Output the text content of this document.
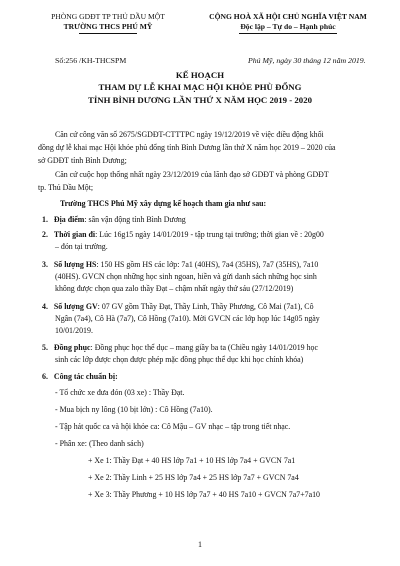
PHÒNG GDĐT TP THỦ DẦU MỘT
TRƯỜNG THCS PHÚ MỸ
CỘNG HOÀ XÃ HỘI CHỦ NGHĨA VIỆT NAM
Độc lập – Tự do – Hạnh phúc
Số:256 /KH-THCSPM	Phú Mỹ, ngày 30 tháng 12 năm 2019.
KẾ HOẠCH
THAM DỰ LỄ KHAI MẠC HỘI KHỎE PHÙ ĐỔNG
TỈNH BÌNH DƯƠNG LẦN THỨ X NĂM HỌC 2019 - 2020
Căn cứ công văn số 2675/SGDĐT-CTTTPC ngày 19/12/2019 về việc điều động khối
đồng dự lễ khai mạc Hội khỏe phủ đổng tỉnh Bình Dương lần thứ X năm học 2019 – 2020 của
sở GDĐT tỉnh Bình Dương;
Căn cứ cuộc họp thống nhất ngày 23/12/2019 của lãnh đạo sở GDĐT và phòng GDĐT
tp. Thủ Dầu Một;
Trường THCS Phú Mỹ xây dựng kế hoạch tham gia như sau:
1. Địa điểm: sân vận động tỉnh Bình Dương
2. Thời gian đi: Lúc 16g15 ngày 14/01/2019 - tập trung tại trường; thời gian về : 20g00
– đón tại trường.
3. Số lượng HS: 150 HS gồm HS các lớp: 7a1 (40HS), 7a4 (35HS), 7a7 (35HS), 7a10
(40HS). GVCN chọn những học sinh ngoan, hiền và gửi danh sách những học sinh
không được chọn qua zalo thầy Đạt – chậm nhất ngày thứ sáu (27/12/2019)
4. Số lượng GV: 07 GV gồm Thầy Đạt, Thầy Linh, Thầy Phương, Cô Mai (7a1), Cô
Ngân (7a4), Cô Hà (7a7), Cô Hồng (7a10). Mời GVCN các lớp họp lúc 14g05 ngày
10/01/2019.
5. Đồng phục: Đồng phục học thể dục – mang giầy ba ta (Chiều ngày 14/01/2019 học
sinh các lớp được chọn được phép mặc đồng phục thể dục khi học chính khóa)
6. Công tác chuẩn bị:
- Tổ chức xe đưa đón (03 xe) : Thầy Đạt.
- Mua bịch ny lông (10 bịt lớn) : Cô Hồng (7a10).
- Tập hát quốc ca và hội khỏe ca: Cô Mậu – GV nhạc – tập trong tiết nhạc.
- Phân xe: (Theo danh sách)
+ Xe 1: Thầy Đạt + 40 HS lớp 7a1 + 10 HS lớp 7a4 + GVCN 7a1
+ Xe 2: Thầy Linh + 25 HS lớp 7a4 + 25 HS lớp 7a7 + GVCN 7a4
+ Xe 3: Thầy Phương + 10 HS lớp 7a7 + 40 HS 7a10 + GVCN 7a7+7a10
1
